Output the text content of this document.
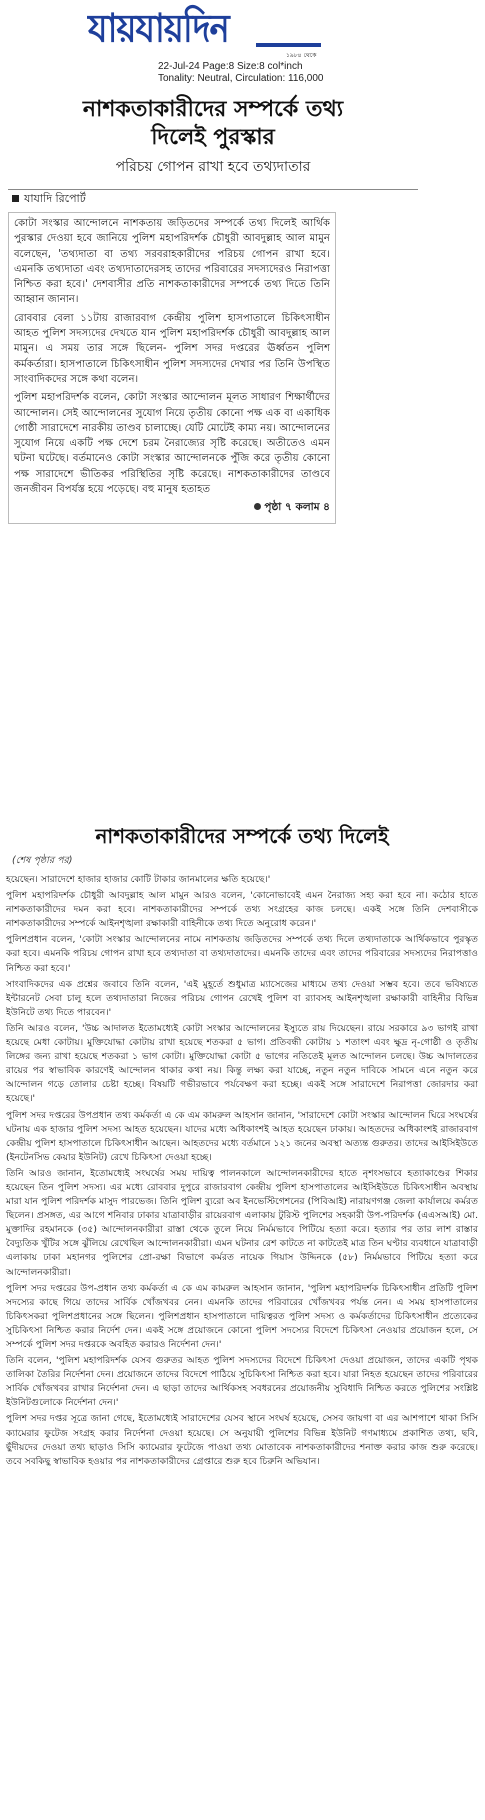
যায়যায়দিন
১৯৮৪ থেকে
22-Jul-24 Page:8 Size:8 col*inch
Tonality: Neutral, Circulation: 116,000
নাশকতাকারীদের সম্পর্কে তথ্য দিলেই পুরস্কার
পরিচয় গোপন রাখা হবে তথ্যদাতার
যাযাদি রিপোর্ট

কোটা সংস্কার আন্দোলনে নাশকতায় জড়িতদের সম্পর্কে তথ্য দিলেই আর্থিক পুরস্কার দেওয়া হবে জানিয়ে পুলিশ মহাপরিদর্শক চৌধুরী আবদুল্লাহ আল মামুন বলেছেন, 'তথ্যদাতা বা তথ্য সরবরাহকারীদের পরিচয় গোপন রাখা হবে। এমনকি তথ্যদাতা এবং তথ্যদাতাদেরসহ তাদের পরিবারের সদস্যদেরও নিরাপত্তা নিশ্চিত করা হবে।' দেশবাসীর প্রতি নাশকতাকারীদের সম্পর্কে তথ্য দিতে তিনি আহ্বান জানান।

রোববার বেলা ১১টায় রাজারবাগ কেন্দ্রীয় পুলিশ হাসপাতালে চিকিৎসাধীন আহত পুলিশ সদস্যদের দেখতে যান পুলিশ মহাপরিদর্শক চৌধুরী আবদুল্লাহ আল মামুন। এ সময় তার সঙ্গে ছিলেন- পুলিশ সদর দপ্তরের ঊর্ধ্বতন পুলিশ কর্মকর্তারা। হাসপাতালে চিকিৎসাধীন পুলিশ সদস্যদের দেখার পর তিনি উপস্থিত সাংবাদিকদের সঙ্গে কথা বলেন।

পুলিশ মহাপরিদর্শক বলেন, কোটা সংস্কার আন্দোলন মূলত সাধারণ শিক্ষার্থীদের আন্দোলন। সেই আন্দোলনের সুযোগ নিয়ে তৃতীয় কোনো পক্ষ এক বা একাধিক গোষ্ঠী সারাদেশে নারকীয় তাণ্ডব চালাচ্ছে। যেটি মোটেই কাম্য নয়। আন্দোলনের সুযোগ নিয়ে একটি পক্ষ দেশে চরম নৈরাজ্যের সৃষ্টি করেছে। অতীতেও এমন ঘটনা ঘটেছে। বর্তমানেও কোটা সংস্কার আন্দোলনকে পুঁজি করে তৃতীয় কোনো পক্ষ সারাদেশে ভীতিকর পরিস্থিতির সৃষ্টি করেছে। নাশকতাকারীদের তাণ্ডবে জনজীবন বিপর্যস্ত হয়ে পড়েছে। বহু মানুষ হতাহত

পৃষ্ঠা ৭ কলাম ৪
নাশকতাকারীদের সম্পর্কে তথ্য দিলেই
(শেষ পৃষ্ঠার পর)

হয়েছেন। সারাদেশে হাজার হাজার কোটি টাকার জানমালের ক্ষতি হয়েছে।'

পুলিশ মহাপরিদর্শক চৌধুরী আবদুল্লাহ আল মামুন আরও বলেন, 'কোনোভাবেই এমন নৈরাজ্য সহ্য করা হবে না। কঠোর হাতে নাশকতাকারীদের দমন করা হবে। নাশকতাকারীদের সম্পর্কে তথ্য সংগ্রহের কাজ চলছে। একই সঙ্গে তিনি দেশবাসীকে নাশকতাকারীদের সম্পর্কে আইনশৃঙ্খলা রক্ষাকারী বাহিনীকে তথ্য দিতে অনুরোধ করেন।'

পুলিশপ্রধান বলেন, 'কোটা সংস্কার আন্দোলনের নামে নাশকতায় জড়িতদের সম্পর্কে তথ্য দিলে তথ্যদাতাকে আর্থিকভাবে পুরস্কৃত করা হবে। এমনকি পরিচয় গোপন রাখা হবে তথ্যদাতা বা তথ্যদাতাদের। এমনকি তাদের এবং তাদের পরিবারের সদস্যদের নিরাপত্তাও নিশ্চিত করা হবে।'

সাংবাদিকদের এক প্রশ্নের জবাবে তিনি বলেন, 'এই মুহূর্তে শুধুমাত্র ম্যাসেজের মাধ্যমে তথ্য দেওয়া সম্ভব হবে। তবে ভবিষ্যতে ইন্টারনেট সেবা চালু হলে তথ্যদাতারা নিজের পরিচয় গোপন রেখেই পুলিশ বা র‌্যাবসহ আইনশৃঙ্খলা রক্ষাকারী বাহিনীর বিভিন্ন ইউনিটে তথ্য দিতে পারবেন।'

তিনি আরও বলেন, 'উচ্চ আদালত ইতোমধ্যেই কোটা সংস্কার আন্দোলনের ইস্যুতে রায় দিয়েছেন। রায়ে সরকারে ৯৩ ভাগই রাখা হয়েছে মেধা কোটায়। মুক্তিযোদ্ধা কোটায় রাখা হয়েছে শতকরা ৫ ভাগ। প্রতিবন্ধী কোটায় ১ শতাংশ এবং ক্ষুদ্র নৃ-গোষ্ঠী ও তৃতীয় লিঙ্গের জন্য রাখা হয়েছে শতকরা ১ ভাগ কোটা। মুক্তিযোদ্ধা কোটা ৫ ভাগের নতিতেই মূলত আন্দোলন চলছে। উচ্চ আদালতের রায়ের পর স্বাভাবিক কারণেই আন্দোলন থাকার কথা নয়। কিন্তু লক্ষ্য করা যাচ্ছে, নতুন নতুন দাবিকে সামনে এনে নতুন করে আন্দোলন গড়ে তোলার চেষ্টা হচ্ছে। বিষয়টি গভীরভাবে পর্যবেক্ষণ করা হচ্ছে। একই সঙ্গে সারাদেশে নিরাপত্তা জোরদার করা হয়েছে।'

পুলিশ সদর দপ্তরের উপপ্রধান তথ্য কর্মকর্তা এ কে এম কামরুল আহসান জানান, 'সারাদেশে কোটা সংস্কার আন্দোলন ঘিরে সংঘর্ষের ঘটনায় এক হাজার পুলিশ সদস্য আহত হয়েছেন। যাদের মধ্যে অধিকাংশই আহত হয়েছেন ঢাকায়। আহতদের অধিকাংশই রাজারবাগ কেন্দ্রীয় পুলিশ হাসপাতালে চিকিৎসাধীন আছেন। আহতদের মধ্যে বর্তমানে ১২১ জনের অবস্থা অত্যন্ত গুরুতর। তাদের আইসিইউতে (ইনটেনসিভ কেয়ার ইউনিট) রেখে চিকিৎসা দেওয়া হচ্ছে।

তিনি আরও জানান, ইতোমধ্যেই সংঘর্ষের সময় দায়িত্ব পালনকালে আন্দোলনকারীদের হাতে নৃশংসভাবে হত্যাকাণ্ডের শিকার হয়েছেন তিন পুলিশ সদস্য। এর মধ্যে রোববার দুপুরে রাজারবাগ কেন্দ্রীয় পুলিশ হাসপাতালের আইসিইউতে চিকিৎসাধীন অবস্থায় মারা যান পুলিশ পরিদর্শক মাসুদ পারভেজ। তিনি পুলিশ ব্যুরো অব ইনভেস্টিগেশনের (পিবিআই) নারায়ণগঞ্জ জেলা কার্যালয়ে কর্মরত ছিলেন। প্রসঙ্গত, এর আগে শনিবার ঢাকার যাত্রাবাড়ীর রায়েরবাগ এলাকায় টুরিস্ট পুলিশের সহকারী উপ-পরিদর্শক (এএসআই) মো. মুক্তাদির রহমানকে (৩৫) আন্দোলনকারীরা রাস্তা থেকে তুলে নিয়ে নির্মমভাবে পিটিয়ে হত্যা করে। হত্যার পর তার লাশ রাস্তার বৈদ্যুতিক খুঁটির সঙ্গে ঝুঁলিয়ে রেখেছিল আন্দোলনকারীরা। এমন ঘটনার রেশ কাটতে না কাটতেই মাত্র তিন ঘণ্টার ব্যবধানে যাত্রাবাড়ী এলাকায় ঢাকা মহানগর পুলিশের প্রো-রক্ষা বিভাগে কর্মরত নায়েক গিয়াস উদ্দিনকে (৫৮) নির্মমভাবে পিটিয়ে হত্যা করে আন্দোলনকারীরা।

পুলিশ সদর দপ্তরের উপ-প্রধান তথ্য কর্মকর্তা এ কে এম কামরুল আহসান জানান, 'পুলিশ মহাপরিদর্শক চিকিৎসাধীন প্রতিটি পুলিশ সদস্যের কাছে গিয়ে তাদের সার্বিক খোঁজখবর নেন। এমনকি তাদের পরিবারের খোঁজখবর পর্যন্ত নেন। এ সময় হাসপাতালের চিকিৎসকরা পুলিশপ্রধানের সঙ্গে ছিলেন। পুলিশপ্রধান হাসপাতালে দায়িত্বরত পুলিশ সদস্য ও কর্মকর্তাদের চিকিৎসাধীন প্রত্যেকের সুচিকিৎসা নিশ্চিত করার নির্দেশ দেন। একই সঙ্গে প্রয়োজনে কোনো পুলিশ সদস্যের বিদেশে চিকিৎসা নেওয়ার প্রয়োজন হলে, সে সম্পর্কে পুলিশ সদর দপ্তরকে অবহিত করারও নির্দেশনা দেন।'

তিনি বলেন, 'পুলিশ মহাপরিদর্শক যেসব গুরুতর আহত পুলিশ সদস্যদের বিদেশে চিকিৎসা দেওয়া প্রয়োজন, তাদের একটি পৃথক তালিকা তৈরির নির্দেশনা দেন। প্রয়োজনে তাদের বিদেশে পাঠিয়ে সুচিকিৎসা নিশ্চিত করা হবে। যারা নিহত হয়েছেন তাদের পরিবারের সার্বিক খোঁজখবর রাখার নির্দেশনা দেন। এ ছাড়া তাদের আর্থিকসহ সবধরনের প্রয়োজনীয় সুবিধাদি নিশ্চিত করতে পুলিশের সংশ্লিষ্ট ইউনিটগুলোকে নির্দেশনা দেন।'

পুলিশ সদর দপ্তর সূত্রে জানা গেছে, ইতোমধ্যেই সারাদেশের যেসব স্থানে সংঘর্ষ হয়েছে, সেসব জায়গা বা এর আশপাশে থাকা সিসি ক্যামেরার ফুটেজ সংগ্রহ করার নির্দেশনা দেওয়া হয়েছে। সে অনুযায়ী পুলিশের বিভিন্ন ইউনিট গণমাধ্যমে প্রকাশিত তথ্য, ছবি, ছুঁদীয়দের দেওয়া তথ্য ছাড়াও সিসি ক্যামেরার ফুটেজে পাওয়া তথ্য মোতাবেক নাশকতাকারীদের শনাক্ত করার কাজ শুরু করেছে। তবে সবকিছু স্বাভাবিক হওয়ার পর নাশকতাকারীদের গ্রেপ্তারে শুরু হবে চিরুনি অভিযান।
